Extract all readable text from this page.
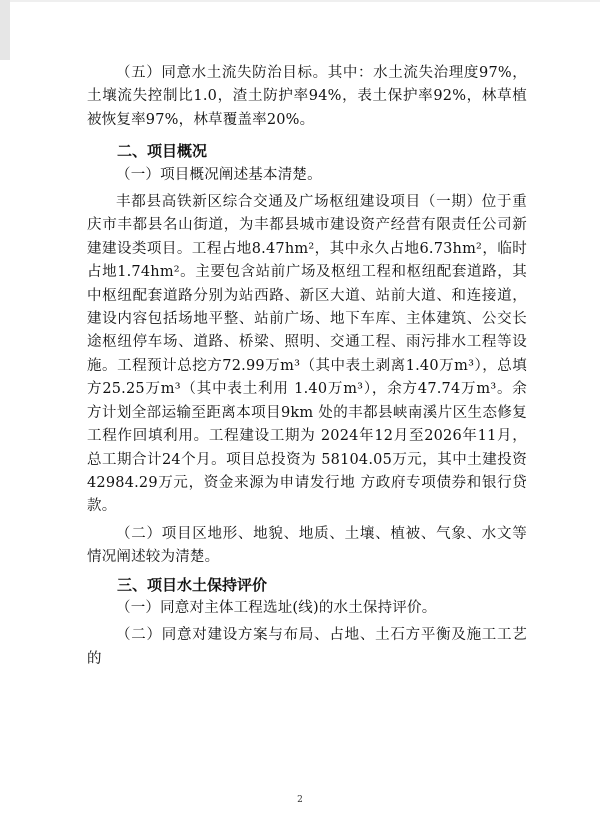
（五）同意水土流失防治目标。其中：水土流失治理度97%，土壤流失控制比1.0，渣土防护率94%，表土保护率92%，林草植被恢复率97%，林草覆盖率20%。

二、项目概况

（一）项目概况阐述基本清楚。

丰都县高铁新区综合交通及广场枢纽建设项目（一期）位于重庆市丰都县名山街道，为丰都县城市建设资产经营有限责任公司新建建设类项目。工程占地8.47hm²，其中永久占地6.73hm²，临时占地1.74hm²。主要包含站前广场及枢纽工程和枢纽配套道路，其中枢纽配套道路分别为站西路、新区大道、站前大道、和连接道，建设内容包括场地平整、站前广场、地下车库、主体建筑、公交长途枢纽停车场、道路、桥梁、照明、交通工程、雨污排水工程等设施。工程预计总挖方72.99万m³（其中表土剥离1.40万m³），总填方25.25万m³（其中表土利用 1.40万m³），余方47.74万m³。余方计划全部运输至距离本项目9km 处的丰都县峡南溪片区生态修复工程作回填利用。工程建设工期为 2024年12月至2026年11月，总工期合计24个月。项目总投资为 58104.05万元，其中土建投资42984.29万元，资金来源为申请发行地 方政府专项债券和银行贷款。

（二）项目区地形、地貌、地质、土壤、植被、气象、水文等情况阐述较为清楚。

三、项目水土保持评价

（一）同意对主体工程选址(线)的水土保持评价。

（二）同意对建设方案与布局、占地、土石方平衡及施工工艺的

2
